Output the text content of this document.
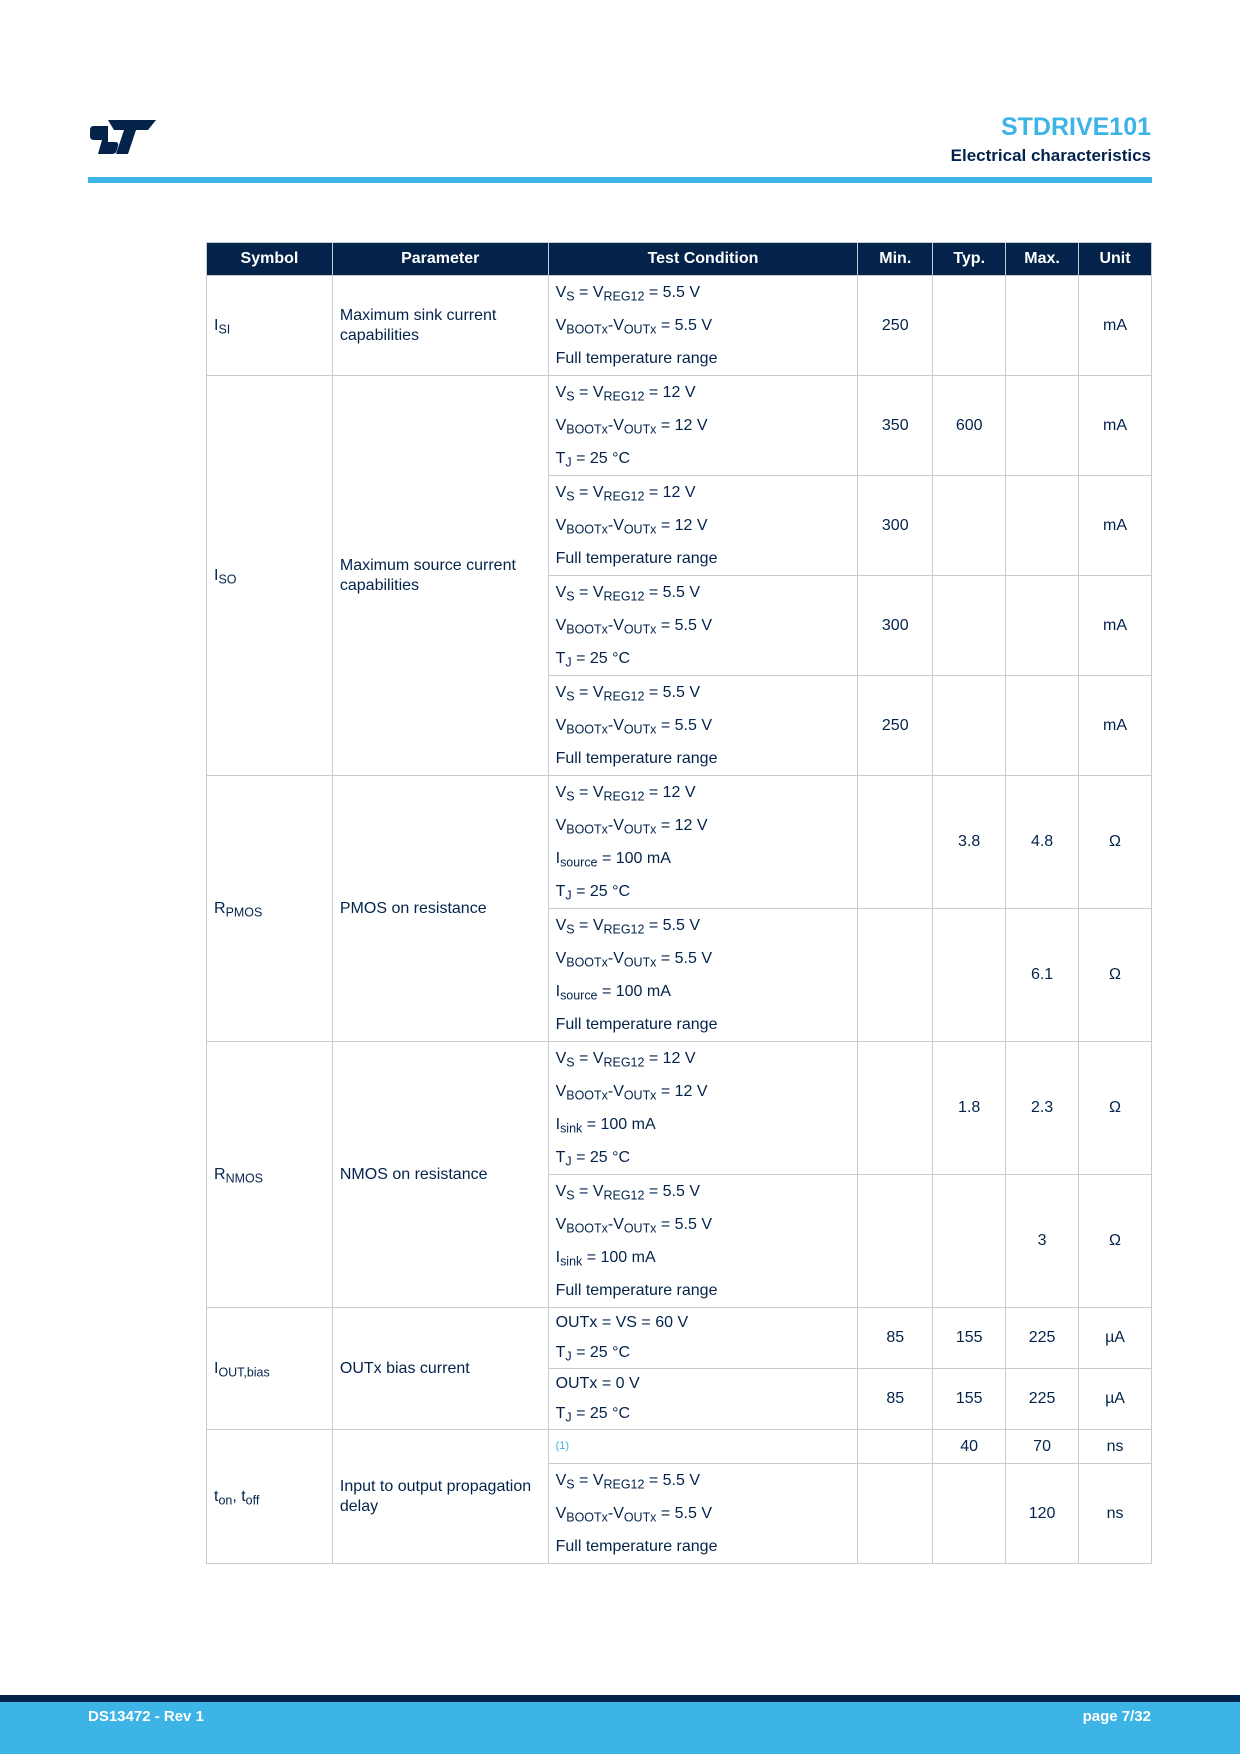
STDRIVE101
Electrical characteristics
Symbol	Parameter	Test Condition	Min.	Typ.	Max.	Unit
$I_{SI}$	Maximum sink current capabilities	$V_S = V_{REG12} = 5.5$ V
$V_{BOOTx}-V_{OUTx} = 5.5$ V
Full temperature range	250			mA
$I_{SO}$	Maximum source current capabilities	$V_S = V_{REG12} = 12$ V
$V_{BOOTx}-V_{OUTx} = 12$ V
$T_J = 25$ °C	350	600		mA

		$V_S = V_{REG12} = 12$ V
$V_{BOOTx}-V_{OUTx} = 12$ V
Full temperature range	300			mA

		$V_S = V_{REG12} = 5.5$ V
$V_{BOOTx}-V_{OUTx} = 5.5$ V
$T_J = 25$ °C	300			mA

		$V_S = V_{REG12} = 5.5$ V
$V_{BOOTx}-V_{OUTx} = 5.5$ V
Full temperature range	250			mA
$R_{PMOS}$	PMOS on resistance	$V_S = V_{REG12} = 12$ V
$V_{BOOTx}-V_{OUTx} = 12$ V
$I_{source} = 100$ mA
$T_J = 25$ °C		3.8	4.8	Ω

		$V_S = V_{REG12} = 5.5$ V
$V_{BOOTx}-V_{OUTx} = 5.5$ V
$I_{source} = 100$ mA
Full temperature range			6.1	Ω
$R_{NMOS}$	NMOS on resistance	$V_S = V_{REG12} = 12$ V
$V_{BOOTx}-V_{OUTx} = 12$ V
$I_{sink} = 100$ mA
$T_J = 25$ °C		1.8	2.3	Ω

		$V_S = V_{REG12} = 5.5$ V
$V_{BOOTx}-V_{OUTx} = 5.5$ V
$I_{sink} = 100$ mA
Full temperature range			3	Ω
$I_{OUT,bias}$	OUTx bias current	OUTx = VS = 60 V
$T_J = 25$ °C	85	155	225	µA

		OUTx = 0 V
$T_J = 25$ °C	85	155	225	µA
$t_{on}$, $t_{off}$	Input to output propagation delay	$^{(1)}$		40	70	ns

		$V_S = V_{REG12} = 5.5$ V
$V_{BOOTx}-V_{OUTx} = 5.5$ V
Full temperature range			120	ns
DS13472 - Rev 1	page 7/32
